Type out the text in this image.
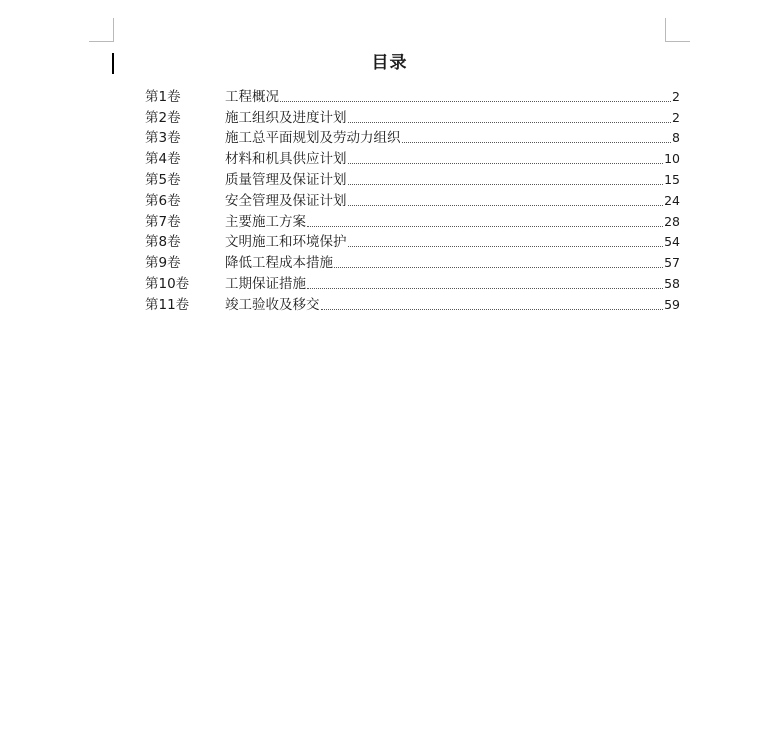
目录
第1卷	工程概况	2
第2卷	施工组织及进度计划	2
第3卷	施工总平面规划及劳动力组织	8
第4卷	材料和机具供应计划	10
第5卷	质量管理及保证计划	15
第6卷	安全管理及保证计划	24
第7卷	主要施工方案	28
第8卷	文明施工和环境保护	54
第9卷	降低工程成本措施	57
第10卷	工期保证措施	58
第11卷	竣工验收及移交	59
